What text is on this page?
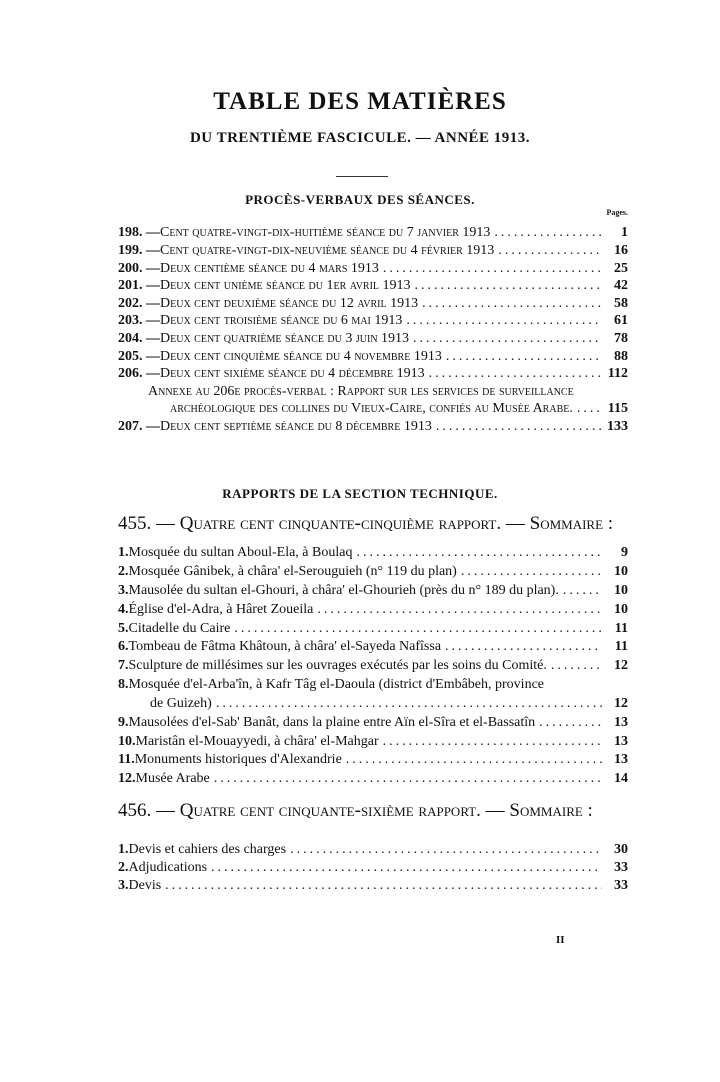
TABLE DES MATIÈRES
DU TRENTIÈME FASCICULE. — ANNÉE 1913.
PROCÈS-VERBAUX DES SÉANCES.
Pages.
198. — Cent quatre-vingt-dix-huitième séance du 7 janvier 1913 .....	1
199. — Cent quatre-vingt-dix-neuvième séance du 4 février 1913 .....	16
200. — Deux centième séance du 4 mars 1913 .....	25
201. — Deux cent unième séance du 1er avril 1913 .....	42
202. — Deux cent deuxième séance du 12 avril 1913 .....	58
203. — Deux cent troisième séance du 6 mai 1913 .....	61
204. — Deux cent quatrième séance du 3 juin 1913 .....	78
205. — Deux cent cinquième séance du 4 novembre 1913 .....	88
206. — Deux cent sixième séance du 4 décembre 1913 .....	112
Annexe au 206e procès-verbal : Rapport sur les services de surveillance
archéologique des collines du Vieux-Caire, confiés au Musée Arabe. ..... 115
207. — Deux cent septième séance du 8 décembre 1913 .....	133
RAPPORTS DE LA SECTION TECHNIQUE.
455. — Quatre cent cinquante-cinquième rapport. — Sommaire :
1. Mosquée du sultan Aboul-Ela, à Boulaq .....	9
2. Mosquée Gânibek, à châra' el-Serouguieh (n° 119 du plan) .....	10
3. Mausolée du sultan el-Ghouri, à châra' el-Ghourieh (près du n° 189 du plan). .....	10
4. Église d'el-Adra, à Hâret Zoueila .....	10
5. Citadelle du Caire .....	11
6. Tombeau de Fâtma Khâtoun, à châra' el-Sayeda Nafîssa .....	11
7. Sculpture de millésimes sur les ouvrages exécutés par les soins du Comité. .....	12
8. Mosquée d'el-Arba'în, à Kafr Tâg el-Daoula (district d'Embâbeh, province
de Guizeh) .....	12
9. Mausolées d'el-Sab' Banât, dans la plaine entre Aïn el-Sîra et el-Bassatîn .....	13
10. Maristân el-Mouayyedi, à châra' el-Mahgar .....	13
11. Monuments historiques d'Alexandrie .....	13
12. Musée Arabe .....	14
456. — Quatre cent cinquante-sixième rapport. — Sommaire :
1. Devis et cahiers des charges .....	30
2. Adjudications .....	33
3. Devis .....	33
II
